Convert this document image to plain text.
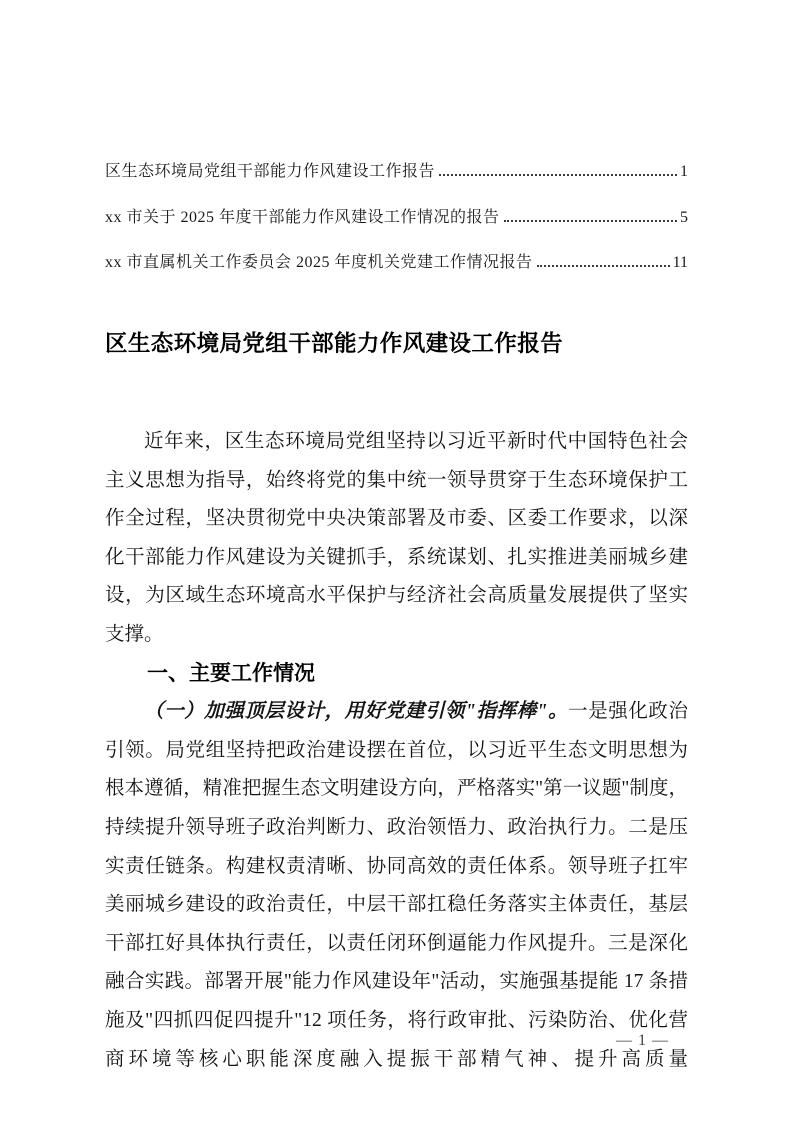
区生态环境局党组干部能力作风建设工作报告	1
xx 市关于 2025 年度干部能力作风建设工作情况的报告	5
xx 市直属机关工作委员会 2025 年度机关党建工作情况报告	11
区生态环境局党组干部能力作风建设工作报告

近年来，区生态环境局党组坚持以习近平新时代中国特色社会主义思想为指导，始终将党的集中统一领导贯穿于生态环境保护工作全过程，坚决贯彻党中央决策部署及市委、区委工作要求，以深化干部能力作风建设为关键抓手，系统谋划、扎实推进美丽城乡建设，为区域生态环境高水平保护与经济社会高质量发展提供了坚实支撑。

一、主要工作情况

（一）加强顶层设计，用好党建引领"指挥棒"。一是强化政治引领。局党组坚持把政治建设摆在首位，以习近平生态文明思想为根本遵循，精准把握生态文明建设方向，严格落实"第一议题"制度，持续提升领导班子政治判断力、政治领悟力、政治执行力。二是压实责任链条。构建权责清晰、协同高效的责任体系。领导班子扛牢美丽城乡建设的政治责任，中层干部扛稳任务落实主体责任，基层干部扛好具体执行责任，以责任闭环倒逼能力作风提升。三是深化融合实践。部署开展"能力作风建设年"活动，实施强基提能 17 条措施及"四抓四促四提升"12 项任务，将行政审批、污染防治、优化营商环境等核心职能深度融入提振干部精气神、提升高质量

— 1 —
